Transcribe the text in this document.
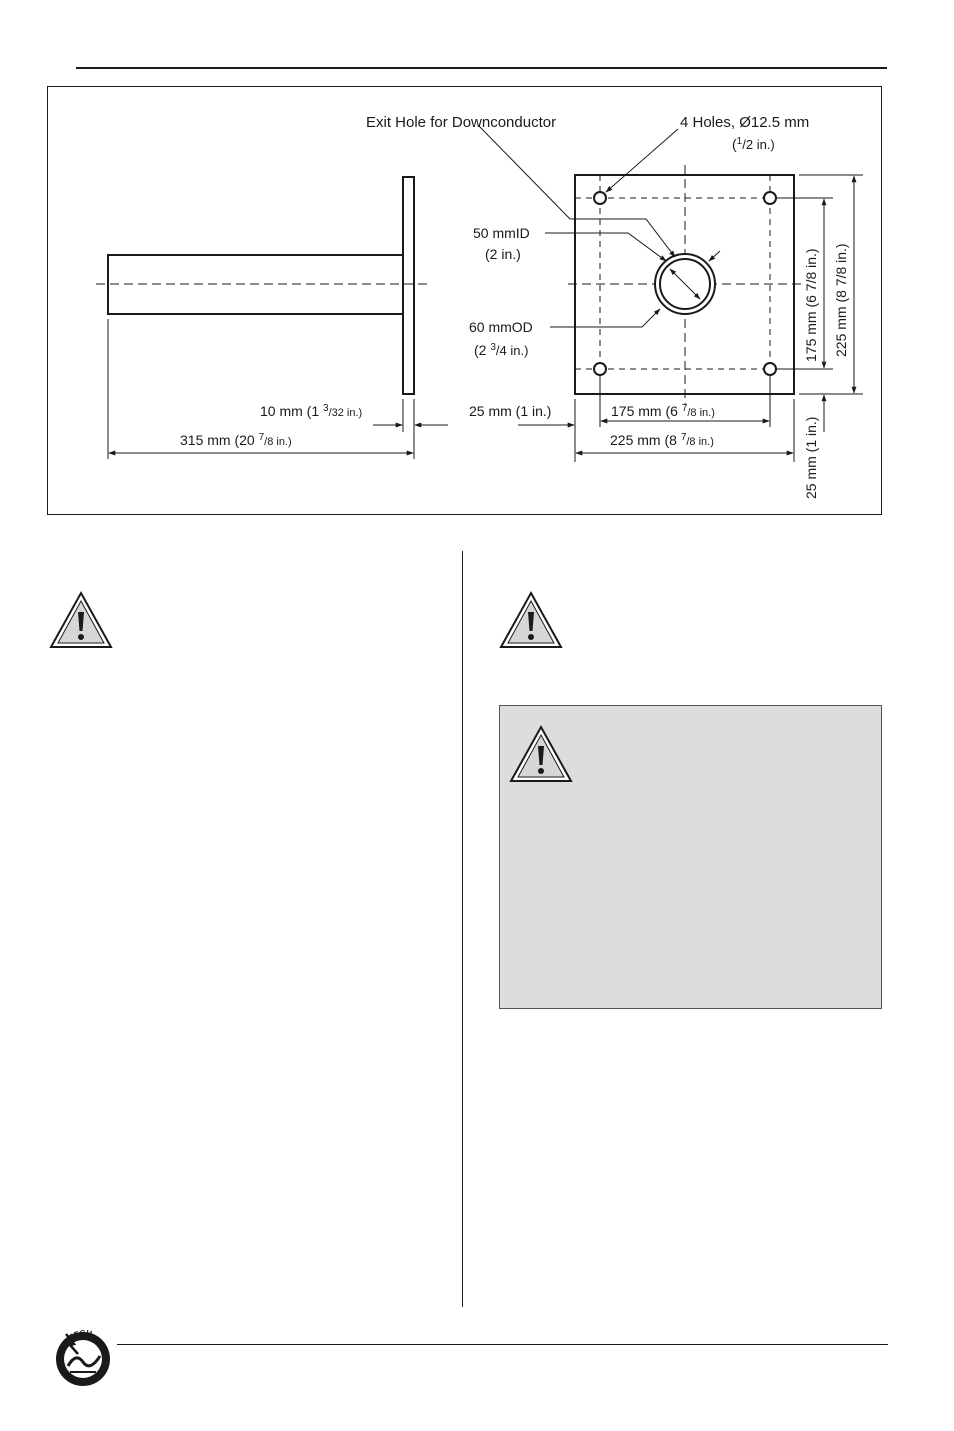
10 mm (1 $^3_{/32 in.)}$
315 mm (20 $^7_{/8 in.)}$
Exit Hole for Downconductor	4 Holes, Ø12.5 mm
($^1$/2 in.)
50 mmID
(2 in.)
60 mmOD
(2 $^3$/4 in.)
25 mm (1 in.)	175 mm (6 $^7_{/8 in.)}$
225 mm (8 $^7_{/8 in.)}$
175 mm (6 7/8 in.) 225 mm (8 7/8 in.)
25 mm (1 in.)
ERITECH
